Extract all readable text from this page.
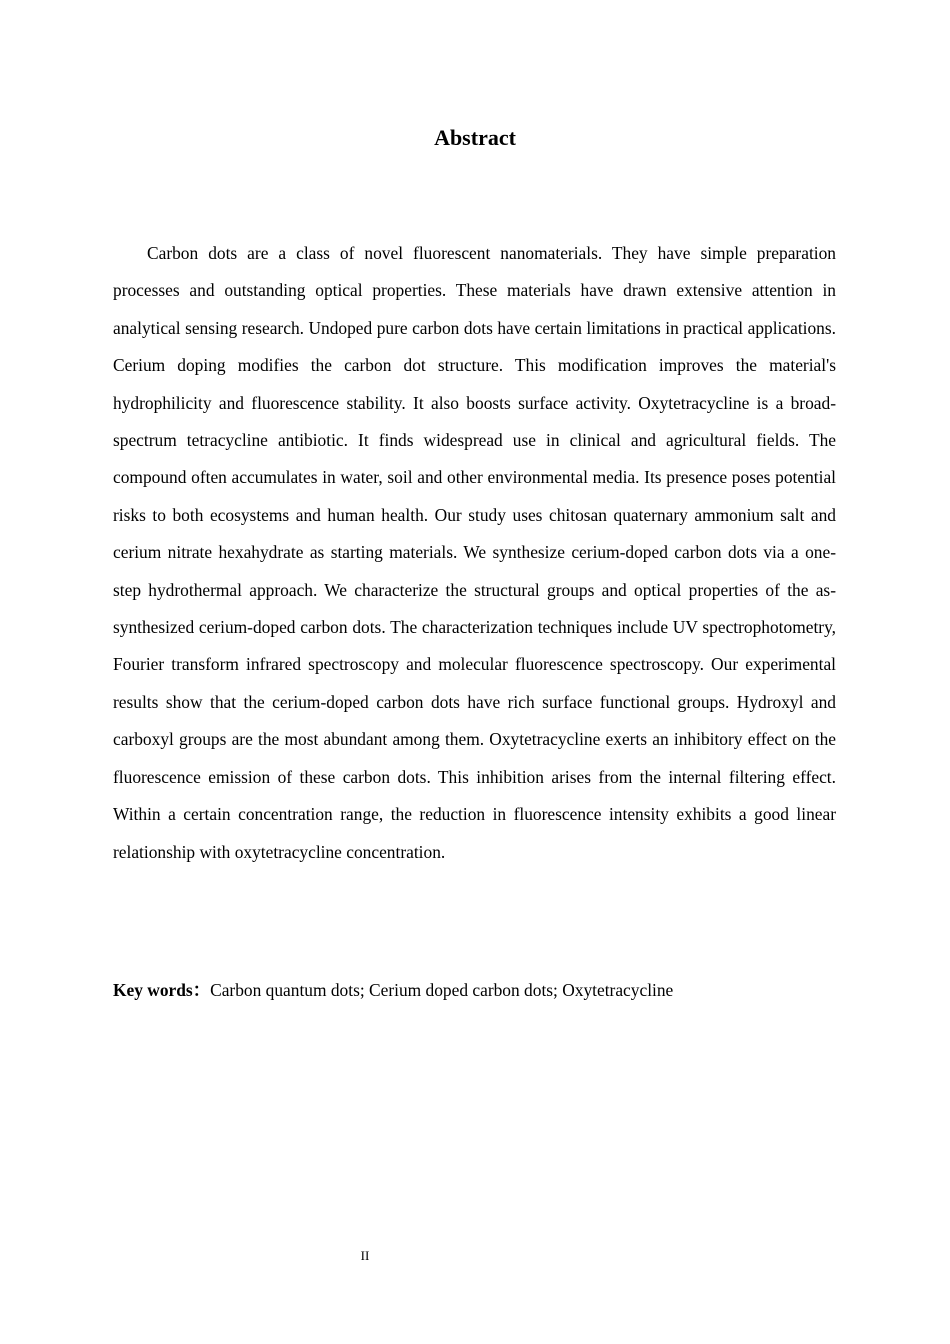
Abstract

Carbon dots are a class of novel fluorescent nanomaterials. They have simple preparation processes and outstanding optical properties. These materials have drawn extensive attention in analytical sensing research. Undoped pure carbon dots have certain limitations in practical applications. Cerium doping modifies the carbon dot structure. This modification improves the material's hydrophilicity and fluorescence stability. It also boosts surface activity. Oxytetracycline is a broad-spectrum tetracycline antibiotic. It finds widespread use in clinical and agricultural fields. The compound often accumulates in water, soil and other environmental media. Its presence poses potential risks to both ecosystems and human health. Our study uses chitosan quaternary ammonium salt and cerium nitrate hexahydrate as starting materials. We synthesize cerium-doped carbon dots via a one-step hydrothermal approach. We characterize the structural groups and optical properties of the as-synthesized cerium-doped carbon dots. The characterization techniques include UV spectrophotometry, Fourier transform infrared spectroscopy and molecular fluorescence spectroscopy. Our experimental results show that the cerium-doped carbon dots have rich surface functional groups. Hydroxyl and carboxyl groups are the most abundant among them. Oxytetracycline exerts an inhibitory effect on the fluorescence emission of these carbon dots. This inhibition arises from the internal filtering effect. Within a certain concentration range, the reduction in fluorescence intensity exhibits a good linear relationship with oxytetracycline concentration.

Key words：Carbon quantum dots; Cerium doped carbon dots; Oxytetracycline

II
